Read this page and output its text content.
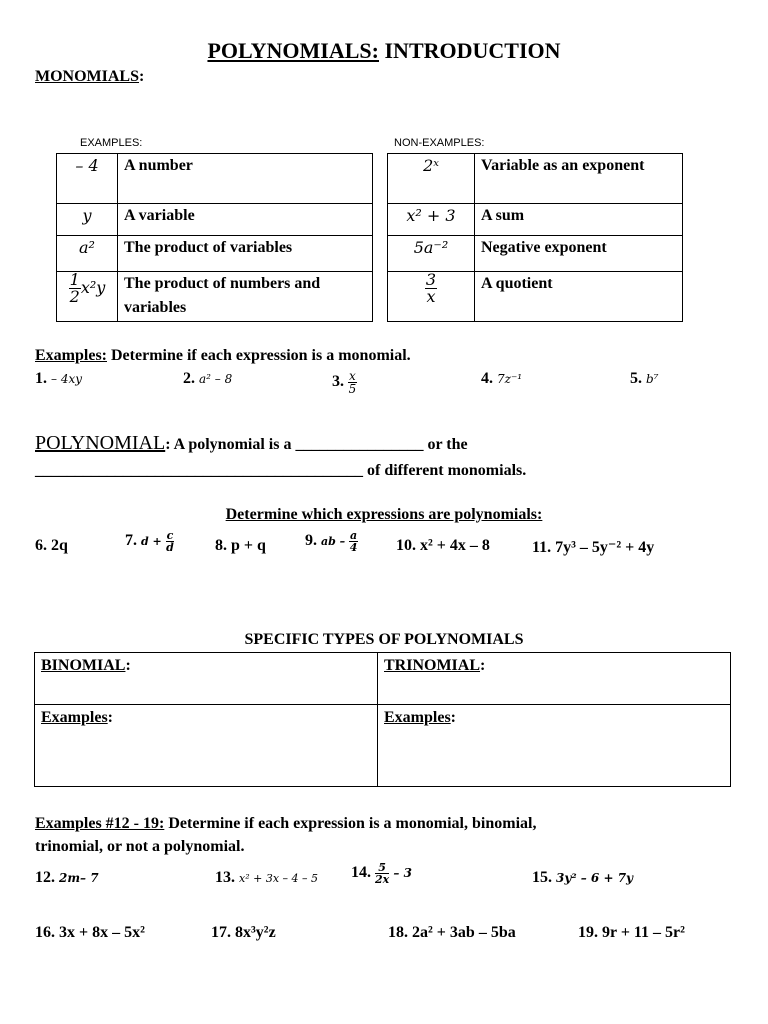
POLYNOMIALS: INTRODUCTION
MONOMIALS:
EXAMPLES:	NON-EXAMPLES:
– 4	A number
y	A variable
a²	The product of variables

$\frac{1}{2} x^2y$	The product of numbers and variables
2ˣ	Variable as an exponent
x² + 3	A sum
5a⁻²	Negative exponent

$\frac{3}{x}$	A quotient
Examples: Determine if each expression is a monomial.
1. – 4xy	2. a² – 8	3. $\frac{x}{5}$	4. 7z⁻¹	5. b⁷
POLYNOMIAL: A polynomial is a ________________ or the
_________________________________________ of different monomials.
Determine which expressions are polynomials:
6. 2q	7. $d + \frac{c}{d}$	8. p + q 9. ab – $\frac{a}{4} 10$. x² + 4x – 8	11. 7y³ – 5y⁻² + 4y
SPECIFIC TYPES OF POLYNOMIALS
BINOMIAL:	TRINOMIAL:
Examples:	Examples:
Examples #12 - 19: Determine if each expression is a monomial, binomial,
trinomial, or not a polynomial.
12. 2m– 7	13. x² + 3x – 4 – 5 14. $\frac{5}{2x} - 3$	15. 3y² – 6 + 7y
16. 3x + 8x – 5x²	17. 8x³y²z	18. 2a² + 3ab – 5ba	19. 9r + 11 – 5r²
